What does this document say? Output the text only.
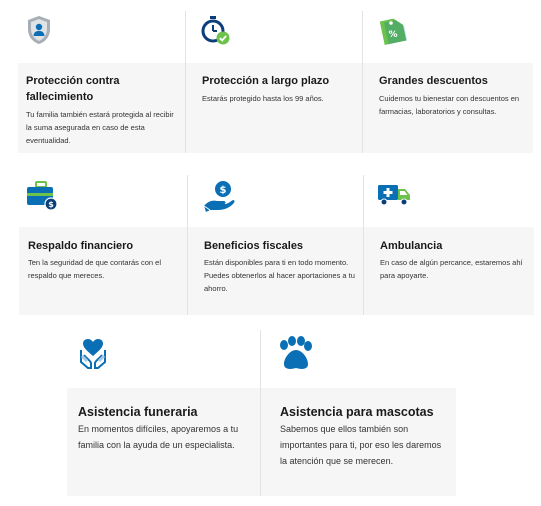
Protección contra fallecimiento
Tu familia también estará protegida al recibir la suma asegurada en caso de esta eventualidad.
Protección a largo plazo
Estarás protegido hasta los 99 años.
%
Grandes descuentos
Cuidemos tu bienestar con descuentos en farmacias, laboratorios y consultas.
$
Respaldo financiero
Ten la seguridad de que contarás con el respaldo que mereces.
$
Beneficios fiscales
Están disponibles para ti en todo momento. Puedes obtenerlos al hacer aportaciones a tu ahorro.
Ambulancia
En caso de algún percance, estaremos ahí para apoyarte.
Asistencia funeraria
En momentos difíciles, apoyaremos a tu familia con la ayuda de un especialista.
Asistencia para mascotas
Sabemos que ellos también son importantes para ti, por eso les daremos la atención que se merecen.
